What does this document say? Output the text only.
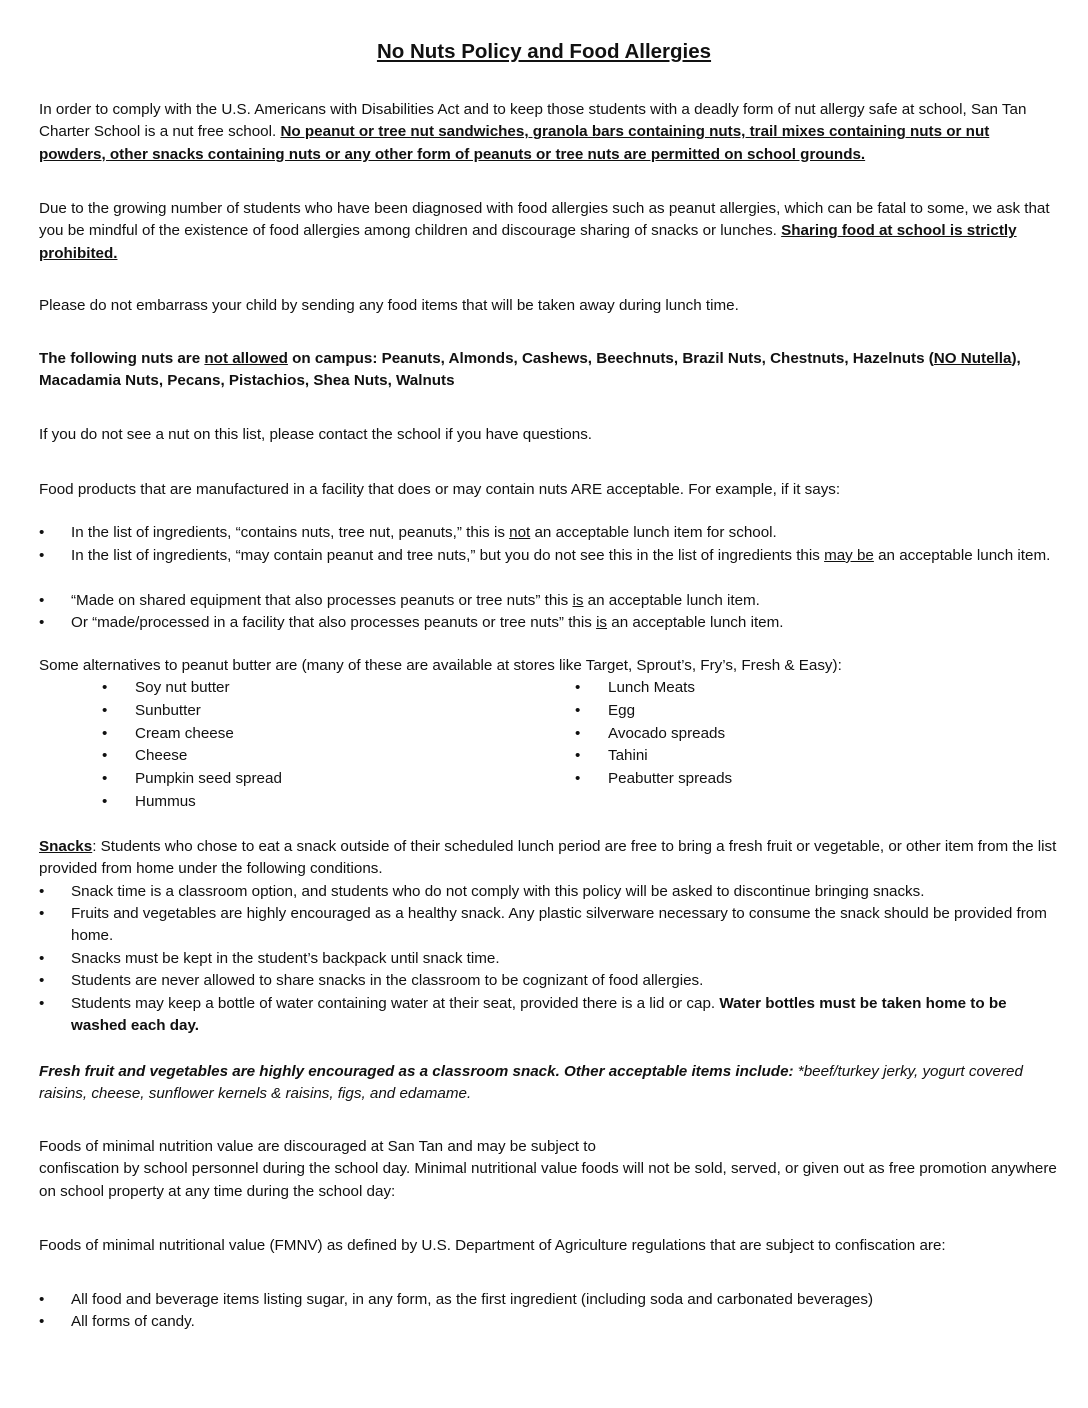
No Nuts Policy and Food Allergies

In order to comply with the U.S. Americans with Disabilities Act and to keep those students with a deadly form of nut allergy safe at school, San Tan Charter School is a nut free school. No peanut or tree nut sandwiches, granola bars containing nuts, trail mixes containing nuts or nut powders, other snacks containing nuts or any other form of peanuts or tree nuts are permitted on school grounds.

Due to the growing number of students who have been diagnosed with food allergies such as peanut allergies, which can be fatal to some, we ask that you be mindful of the existence of food allergies among children and discourage sharing of snacks or lunches. Sharing food at school is strictly prohibited.

Please do not embarrass your child by sending any food items that will be taken away during lunch time.

The following nuts are not allowed on campus: Peanuts, Almonds, Cashews, Beechnuts, Brazil Nuts, Chestnuts, Hazelnuts (NO Nutella), Macadamia Nuts, Pecans, Pistachios, Shea Nuts, Walnuts

If you do not see a nut on this list, please contact the school if you have questions.

Food products that are manufactured in a facility that does or may contain nuts ARE acceptable. For example, if it says:

• In the list of ingredients, “contains nuts, tree nut, peanuts,” this is not an acceptable lunch item for school.
• In the list of ingredients, “may contain peanut and tree nuts,” but you do not see this in the list of ingredients this may be an acceptable lunch item.
• “Made on shared equipment that also processes peanuts or tree nuts” this is an acceptable lunch item.
• Or “made/processed in a facility that also processes peanuts or tree nuts” this is an acceptable lunch item.

Some alternatives to peanut butter are (many of these are available at stores like Target, Sprout’s, Fry’s, Fresh & Easy):

• Soy nut butter
• Sunbutter
• Cream cheese
• Cheese
• Pumpkin seed spread
• Hummus
• Lunch Meats
• Egg
• Avocado spreads
• Tahini
• Peabutter spreads

Snacks: Students who chose to eat a snack outside of their scheduled lunch period are free to bring a fresh fruit or vegetable, or other item from the list provided from home under the following conditions.

• Snack time is a classroom option, and students who do not comply with this policy will be asked to discontinue bringing snacks.
• Fruits and vegetables are highly encouraged as a healthy snack. Any plastic silverware necessary to consume the snack should be provided from home.
• Snacks must be kept in the student’s backpack until snack time.
• Students are never allowed to share snacks in the classroom to be cognizant of food allergies.
• Students may keep a bottle of water containing water at their seat, provided there is a lid or cap. Water bottles must be taken home to be washed each day.

Fresh fruit and vegetables are highly encouraged as a classroom snack. Other acceptable items include: *beef/turkey jerky, yogurt covered raisins, cheese, sunflower kernels & raisins, figs, and edamame.

Foods of minimal nutrition value are discouraged at San Tan and may be subject to
confiscation by school personnel during the school day. Minimal nutritional value foods will not be sold, served, or given out as free promotion anywhere on school property at any time during the school day:

Foods of minimal nutritional value (FMNV) as defined by U.S. Department of Agriculture regulations that are subject to confiscation are:

• All food and beverage items listing sugar, in any form, as the first ingredient (including soda and carbonated beverages)
• All forms of candy.
